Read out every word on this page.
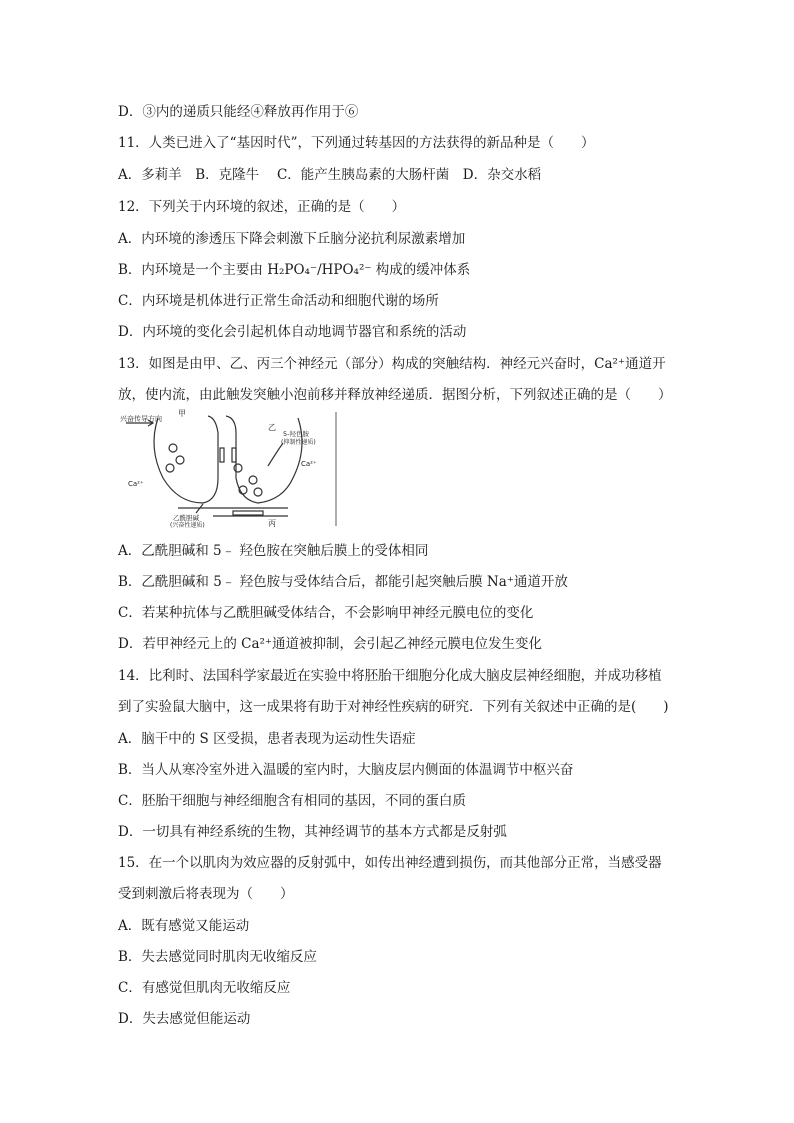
D．③内的递质只能经④释放再作用于⑥
11．人类已进入了“基因时代”，下列通过转基因的方法获得的新品种是（　　）
A．多莉羊　B．克隆牛　 C．能产生胰岛素的大肠杆菌　D．杂交水稻
12．下列关于内环境的叙述，正确的是（　　）
A．内环境的渗透压下降会刺激下丘脑分泌抗利尿激素增加
B．内环境是一个主要由 H₂PO₄⁻/HPO₄²⁻ 构成的缓冲体系
C．内环境是机体进行正常生命活动和细胞代谢的场所
D．内环境的变化会引起机体自动地调节器官和系统的活动
13．如图是由甲、乙、丙三个神经元（部分）构成的突触结构．神经元兴奋时，Ca²⁺通道开
放，使内流，由此触发突触小泡前移并释放神经递质．据图分析，下列叙述正确的是（　　）
兴奋传导方向
甲
乙
丙
5-羟色胺
(抑制性递质)
乙酰胆碱
(兴奋性递质)
Ca²⁺
Ca²⁺
A．乙酰胆碱和 5﹣ 羟色胺在突触后膜上的受体相同
B．乙酰胆碱和 5﹣ 羟色胺与受体结合后，都能引起突触后膜 Na⁺通道开放
C．若某种抗体与乙酰胆碱受体结合，不会影响甲神经元膜电位的变化
D．若甲神经元上的 Ca²⁺通道被抑制，会引起乙神经元膜电位发生变化
14．比利时、法国科学家最近在实验中将胚胎干细胞分化成大脑皮层神经细胞，并成功移植
到了实验鼠大脑中，这一成果将有助于对神经性疾病的研究．下列有关叙述中正确的是(　　)
A．脑干中的 S 区受损，患者表现为运动性失语症
B．当人从寒冷室外进入温暖的室内时，大脑皮层内侧面的体温调节中枢兴奋
C．胚胎干细胞与神经细胞含有相同的基因，不同的蛋白质
D．一切具有神经系统的生物，其神经调节的基本方式都是反射弧
15．在一个以肌肉为效应器的反射弧中，如传出神经遭到损伤，而其他部分正常，当感受器
受到刺激后将表现为（　　）
A．既有感觉又能运动
B．失去感觉同时肌肉无收缩反应
C．有感觉但肌肉无收缩反应
D．失去感觉但能运动
